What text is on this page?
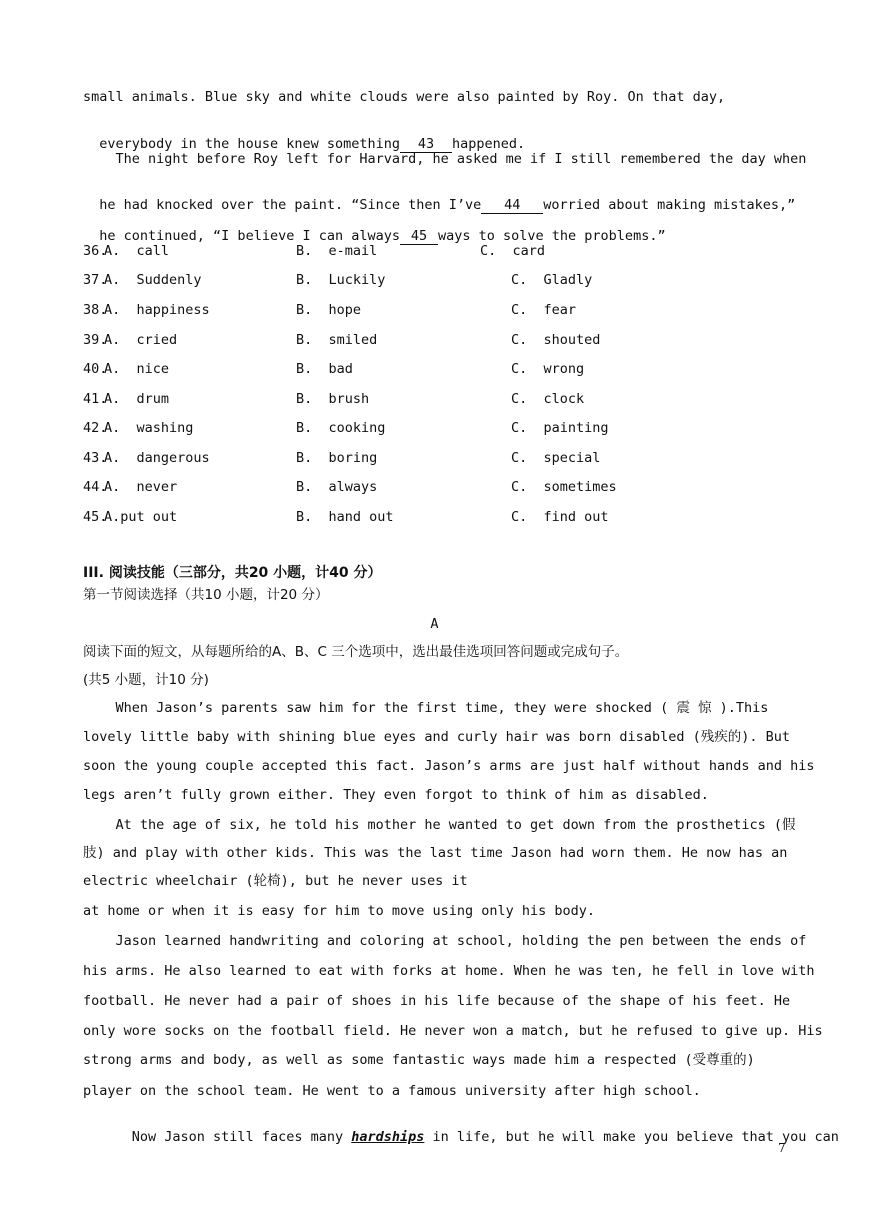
small animals. Blue sky and white clouds were also painted by Roy. On that day,

everybody in the house knew something 43 happened.

The night before Roy left for Harvard, he asked me if I still remembered the day when

he had knocked over the paint. “Since then I’ve 44 worried about making mistakes,”

he continued, “I believe I can always 45 ways to solve the problems.”

36.
A.  call	B.  e-mail	C.  card
37.
A.  Suddenly	B.  Luckily	C.  Gladly
38.
A.  happiness	B.  hope	C.  fear
39.
A.  cried	B.  smiled	C.  shouted
40.
A.  nice	B.  bad	C.  wrong
41.
A.  drum	B.  brush	C.  clock
42.
A.  washing	B.  cooking	C.  painting
43.
A.  dangerous	B.  boring	C.  special
44.
A.  never	B.  always	C.  sometimes
45.
A.put out	B.  hand out	C.  find out
III. 阅读技能（三部分，共20 小题，计40 分）
第一节阅读选择（共10 小题，计20 分）
A
阅读下面的短文，从每题所给的A、B、C 三个选项中，选出最佳选项回答问题或完成句子。
(共5 小题，计10 分)
When Jason’s parents saw him for the first time, they were shocked ( 震 惊 ).This
lovely little baby with shining blue eyes and curly hair was born disabled (残疾的). But
soon the young couple accepted this fact. Jason’s arms are just half without hands and his
legs aren’t fully grown either. They even forgot to think of him as disabled.
At the age of six, he told his mother he wanted to get down from the prosthetics (假
肢) and play with other kids. This was the last time Jason had worn them. He now has an
electric wheelchair (轮椅), but he never uses it
at home or when it is easy for him to move using only his body.
Jason learned handwriting and coloring at school, holding the pen between the ends of
his arms. He also learned to eat with forks at home. When he was ten, he fell in love with
football. He never had a pair of shoes in his life because of the shape of his feet. He
only wore socks on the football field. He never won a match, but he refused to give up. His
strong arms and body, as well as some fantastic ways made him a respected (受尊重的)
player on the school team. He went to a famous university after high school.

Now Jason still faces many hardships in life, but he will make you believe that you can

7
